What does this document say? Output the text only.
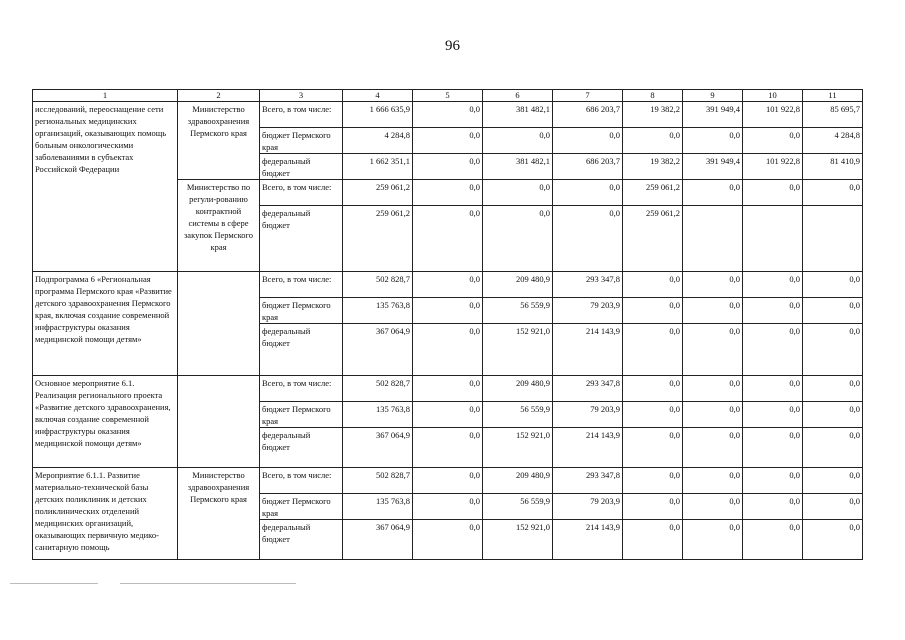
96
1	2	3	4	5	6	7	8	9	10	11
исследований, переоснащение сети региональных медицинских организаций, оказывающих помощь больным онкологическими заболеваниями в субъектах Российской Федерации	Министерство здравоохранения Пермского края	Всего, в том числе:	1 666 635,9	0,0	381 482,1	686 203,7	19 382,2	391 949,4	101 922,8	85 695,7
		бюджет Пермского края	4 284,8	0,0	0,0	0,0	0,0	0,0	0,0	4 284,8
		федеральный бюджет	1 662 351,1	0,0	381 482,1	686 203,7	19 382,2	391 949,4	101 922,8	81 410,9
	Министерство по регули-рованию контрактной системы в сфере закупок Пермского края	Всего, в том числе:	259 061,2	0,0	0,0	0,0	259 061,2	0,0	0,0	0,0
		федеральный бюджет	259 061,2	0,0	0,0	0,0	259 061,2			
Подпрограмма 6 «Региональная программа Пермского края «Развитие детского здравоохранения Пермского края, включая создание современной инфраструктуры оказания медицинской помощи детям»		Всего, в том числе:	502 828,7	0,0	209 480,9	293 347,8	0,0	0,0	0,0	0,0
		бюджет Пермского края	135 763,8	0,0	56 559,9	79 203,9	0,0	0,0	0,0	0,0
		федеральный бюджет	367 064,9	0,0	152 921,0	214 143,9	0,0	0,0	0,0	0,0
Основное мероприятие 6.1. Реализация регионального проекта «Развитие детского здравоохранения, включая создание современной инфраструктуры оказания медицинской помощи детям»		Всего, в том числе:	502 828,7	0,0	209 480,9	293 347,8	0,0	0,0	0,0	0,0
		бюджет Пермского края	135 763,8	0,0	56 559,9	79 203,9	0,0	0,0	0,0	0,0
		федеральный бюджет	367 064,9	0,0	152 921,0	214 143,9	0,0	0,0	0,0	0,0
Мероприятие 6.1.1. Развитие материально-технической базы детских поликлиник и детских поликлинических отделений медицинских организаций, оказывающих первичную медико-санитарную помощь	Министерство здравоохранения Пермского края	Всего, в том числе:	502 828,7	0,0	209 480,9	293 347,8	0,0	0,0	0,0	0,0
		бюджет Пермского края	135 763,8	0,0	56 559,9	79 203,9	0,0	0,0	0,0	0,0
		федеральный бюджет	367 064,9	0,0	152 921,0	214 143,9	0,0	0,0	0,0	0,0
